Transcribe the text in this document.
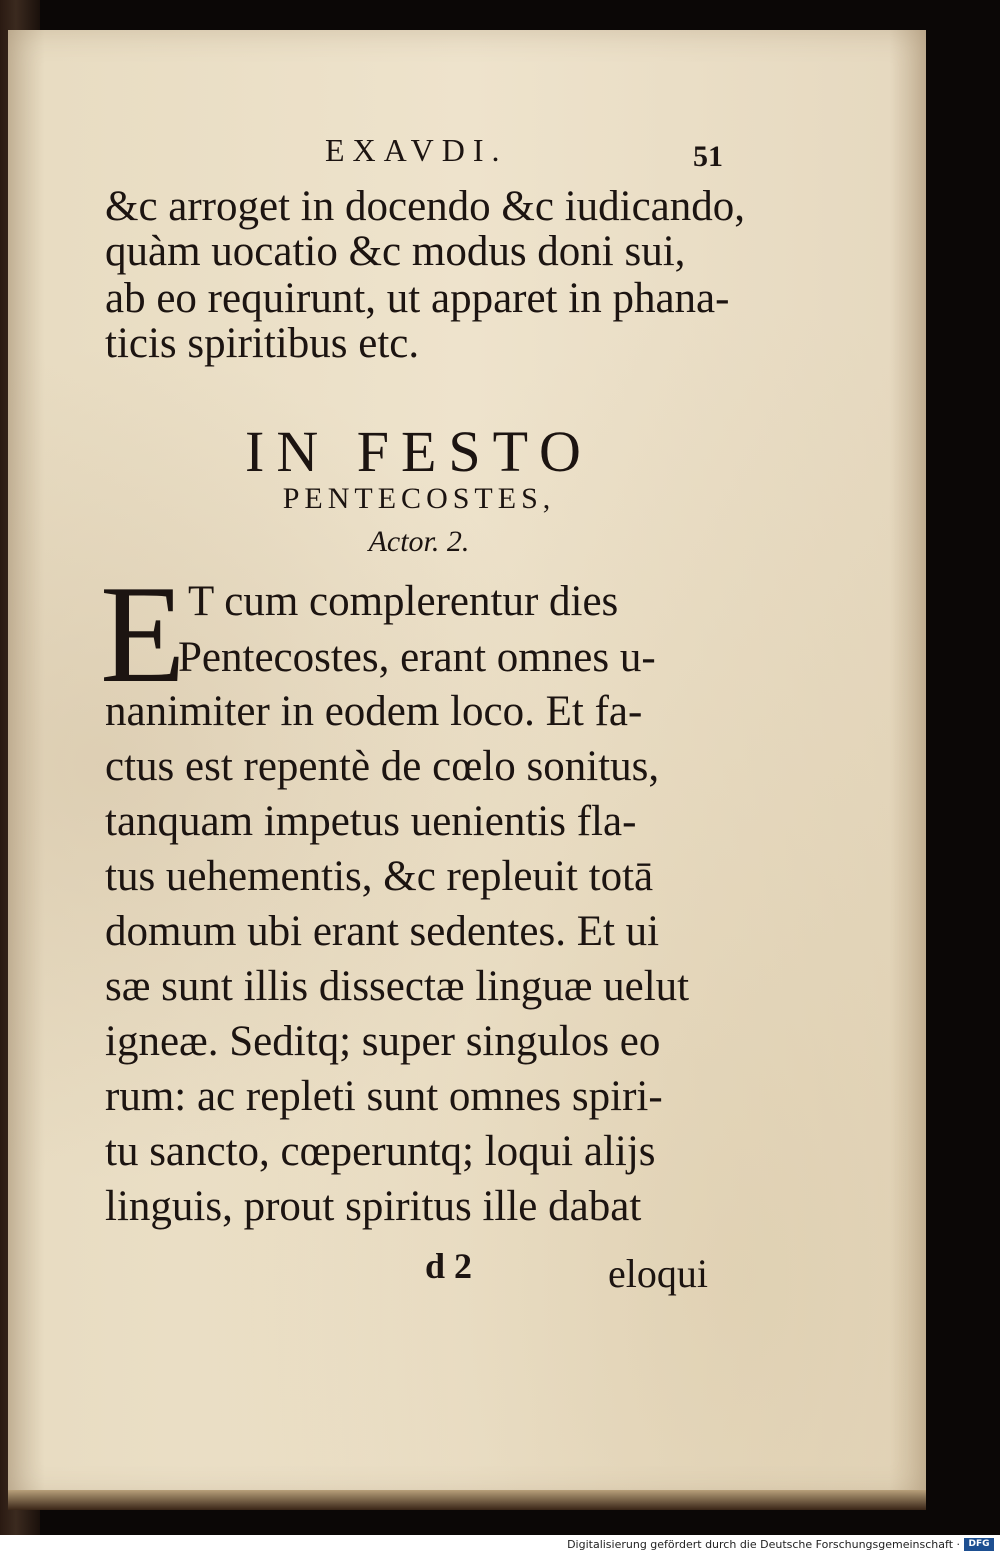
EXAVDI.	51
&c arroget in docendo &c iudicando,
quàm uocatio &c modus doni sui,
ab eo requirunt, ut apparet in phana-
ticis spiritibus etc.
IN FESTO
PENTECOSTES,
Actor. 2.
E T cum complerentur dies
Pentecostes, erant omnes u-
nanimiter in eodem loco. Et fa-
ctus est repentè de cœlo sonitus,
tanquam impetus uenientis fla-
tus uehementis, &c repleuit totā
domum ubi erant sedentes. Et ui
sæ sunt illis dissectæ linguæ uelut
igneæ. Seditq; super singulos eo
rum: ac repleti sunt omnes spiri-
tu sancto, cœperuntq; loqui alijs
linguis, prout spiritus ille dabat
d 2	eloqui
Digitalisierung gefördert durch die Deutsche Forschungsgemeinschaft · DFG
